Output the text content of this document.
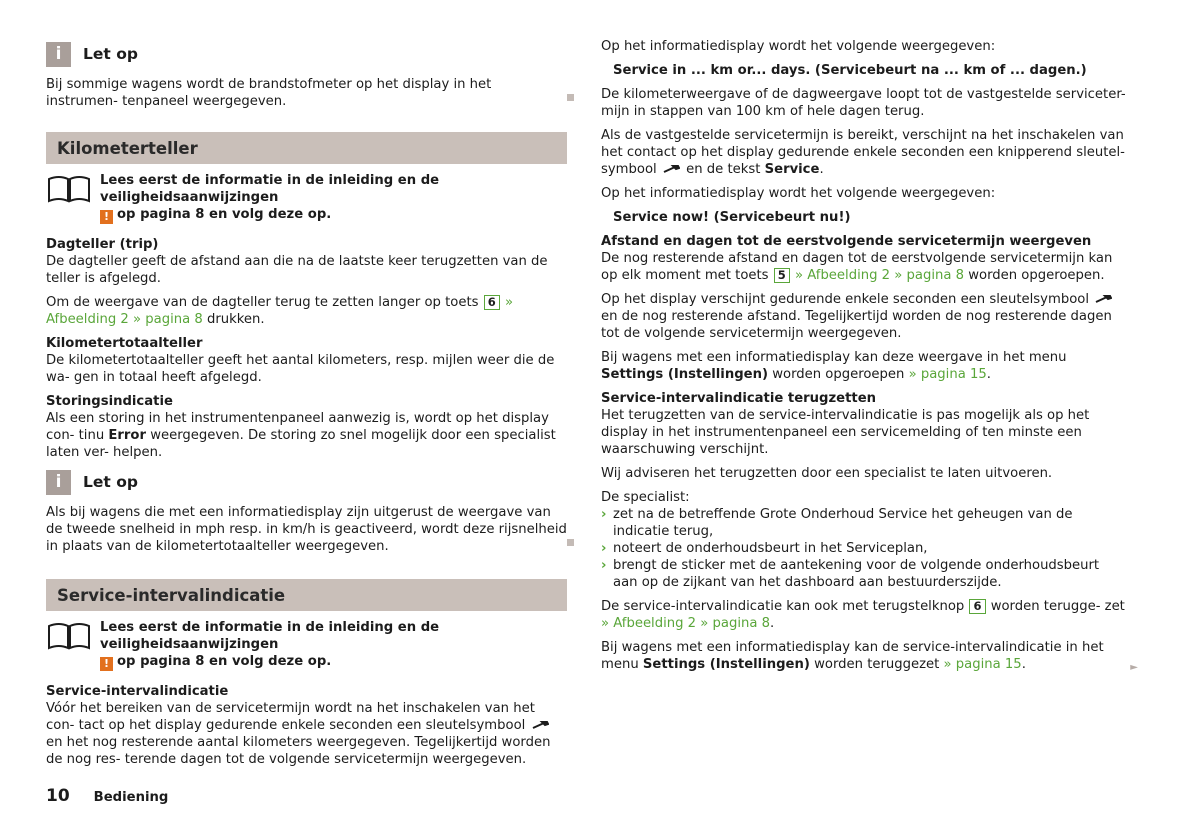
i	Let op

Bij sommige wagens wordt de brandstofmeter op het display in het instrumen- tenpaneel weergegeven.

Kilometerteller
Lees eerst de informatie in de inleiding en de veiligheidsaanwijzingen
! op pagina 8 en volg deze op.
Dagteller (trip)

De dagteller geeft de afstand aan die na de laatste keer terugzetten van de teller is afgelegd.

Om de weergave van de dagteller terug te zetten langer op toets 6 » Afbeelding 2 » pagina 8 drukken.

Kilometertotaalteller

De kilometertotaalteller geeft het aantal kilometers, resp. mijlen weer die de wa- gen in totaal heeft afgelegd.

Storingsindicatie

Als een storing in het instrumentenpaneel aanwezig is, wordt op het display con- tinu Error weergegeven. De storing zo snel mogelijk door een specialist laten ver- helpen.

i	Let op

Als bij wagens die met een informatiedisplay zijn uitgerust de weergave van de tweede snelheid in mph resp. in km/h is geactiveerd, wordt deze rijsnelheid in plaats van de kilometertotaalteller weergegeven.

Service-intervalindicatie
Lees eerst de informatie in de inleiding en de veiligheidsaanwijzingen
! op pagina 8 en volg deze op.
Service-intervalindicatie

Vóór het bereiken van de servicetermijn wordt na het inschakelen van het con- tact op het display gedurende enkele seconden een sleutelsymbool  en het nog resterende aantal kilometers weergegeven. Tegelijkertijd worden de nog res- terende dagen tot de volgende servicetermijn weergegeven.

Op het informatiedisplay wordt het volgende weergegeven:

Service in ... km or... days. (Servicebeurt na ... km of ... dagen.)

De kilometerweergave of de dagweergave loopt tot de vastgestelde serviceter- mijn in stappen van 100 km of hele dagen terug.

Als de vastgestelde servicetermijn is bereikt, verschijnt na het inschakelen van het contact op het display gedurende enkele seconden een knipperend sleutel- symbool en de tekst Service.

Op het informatiedisplay wordt het volgende weergegeven:

Service now! (Servicebeurt nu!)

Afstand en dagen tot de eerstvolgende servicetermijn weergeven

De nog resterende afstand en dagen tot de eerstvolgende servicetermijn kan op elk moment met toets 5 » Afbeelding 2 » pagina 8 worden opgeroepen.

Op het display verschijnt gedurende enkele seconden een sleutelsymbool  en de nog resterende afstand. Tegelijkertijd worden de nog resterende dagen tot de volgende servicetermijn weergegeven.

Bij wagens met een informatiedisplay kan deze weergave in het menu Settings (Instellingen) worden opgeroepen » pagina 15.

Service-intervalindicatie terugzetten

Het terugzetten van de service-intervalindicatie is pas mogelijk als op het display in het instrumentenpaneel een servicemelding of ten minste een waarschuwing verschijnt.

Wij adviseren het terugzetten door een specialist te laten uitvoeren.

De specialist:

› zet na de betreffende Grote Onderhoud Service het geheugen van de indicatie terug,
› noteert de onderhoudsbeurt in het Serviceplan,
› brengt de sticker met de aantekening voor de volgende onderhoudsbeurt aan op de zijkant van het dashboard aan bestuurderszijde.

De service-intervalindicatie kan ook met terugstelknop 6 worden terugge- zet » Afbeelding 2 » pagina 8.

Bij wagens met een informatiedisplay kan de service-intervalindicatie in het menu Settings (Instellingen) worden teruggezet » pagina 15.	►

10 Bediening
